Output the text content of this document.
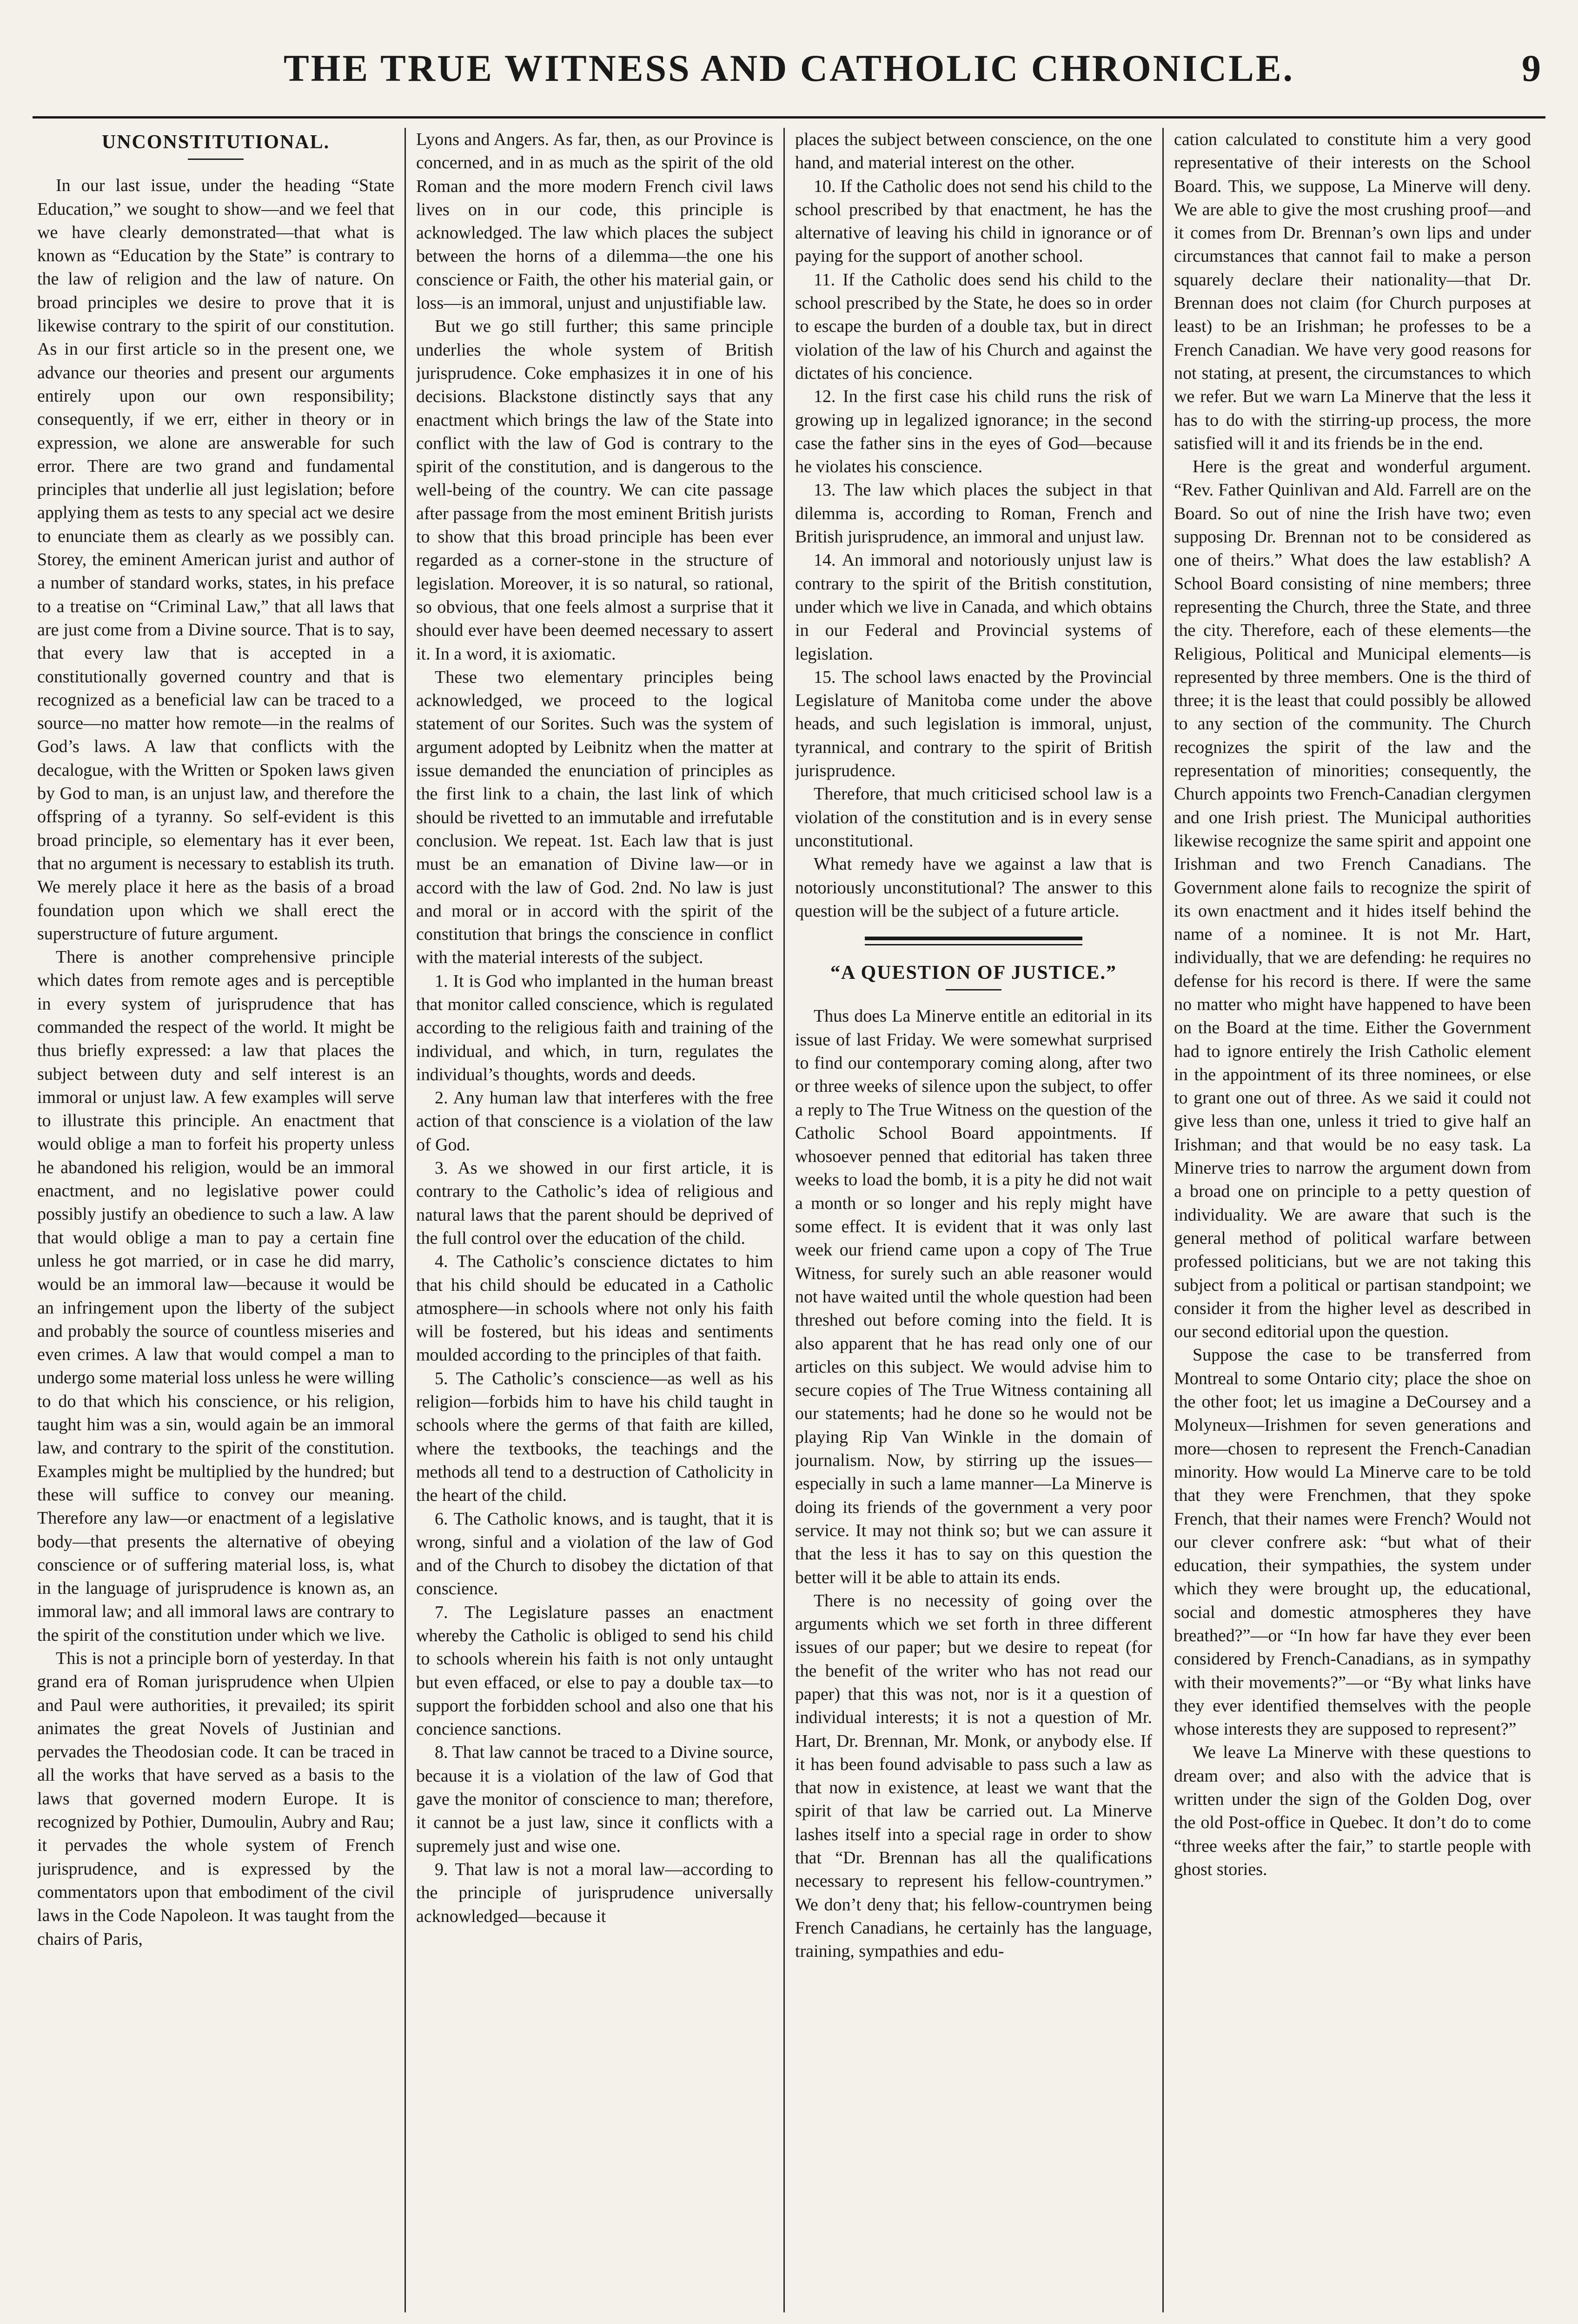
THE TRUE WITNESS AND CATHOLIC CHRONICLE.	9
UNCONSTITUTIONAL.

In our last issue, under the heading “State Education,” we sought to show—and we feel that we have clearly demonstrated—that what is known as “Education by the State” is contrary to the law of religion and the law of nature. On broad principles we desire to prove that it is likewise contrary to the spirit of our constitution. As in our first article so in the present one, we advance our theories and present our arguments entirely upon our own responsibility; consequently, if we err, either in theory or in expression, we alone are answerable for such error. There are two grand and fundamental principles that underlie all just legislation; before applying them as tests to any special act we desire to enunciate them as clearly as we possibly can. Storey, the eminent American jurist and author of a number of standard works, states, in his preface to a treatise on “Criminal Law,” that all laws that are just come from a Divine source. That is to say, that every law that is accepted in a constitutionally governed country and that is recognized as a beneficial law can be traced to a source—no matter how remote—in the realms of God’s laws. A law that conflicts with the decalogue, with the Written or Spoken laws given by God to man, is an unjust law, and therefore the offspring of a tyranny. So self-evident is this broad principle, so elementary has it ever been, that no argument is necessary to establish its truth. We merely place it here as the basis of a broad foundation upon which we shall erect the superstructure of future argument.

There is another comprehensive principle which dates from remote ages and is perceptible in every system of jurisprudence that has commanded the respect of the world. It might be thus briefly expressed: a law that places the subject between duty and self interest is an immoral or unjust law. A few examples will serve to illustrate this principle. An enactment that would oblige a man to forfeit his property unless he abandoned his religion, would be an immoral enactment, and no legislative power could possibly justify an obedience to such a law. A law that would oblige a man to pay a certain fine unless he got married, or in case he did marry, would be an immoral law—because it would be an infringement upon the liberty of the subject and probably the source of countless miseries and even crimes. A law that would compel a man to undergo some material loss unless he were willing to do that which his conscience, or his religion, taught him was a sin, would again be an immoral law, and contrary to the spirit of the constitution. Examples might be multiplied by the hundred; but these will suffice to convey our meaning. Therefore any law—or enactment of a legislative body—that presents the alternative of obeying conscience or of suffering material loss, is, what in the language of jurisprudence is known as, an immoral law; and all immoral laws are contrary to the spirit of the constitution under which we live.

This is not a principle born of yesterday. In that grand era of Roman jurisprudence when Ulpien and Paul were authorities, it prevailed; its spirit animates the great Novels of Justinian and pervades the Theodosian code. It can be traced in all the works that have served as a basis to the laws that governed modern Europe. It is recognized by Pothier, Dumoulin, Aubry and Rau; it pervades the whole system of French jurisprudence, and is expressed by the commentators upon that embodiment of the civil laws in the Code Napoleon. It was taught from the chairs of Paris,

Lyons and Angers. As far, then, as our Province is concerned, and in as much as the spirit of the old Roman and the more modern French civil laws lives on in our code, this principle is acknowledged. The law which places the subject between the horns of a dilemma—the one his conscience or Faith, the other his material gain, or loss—is an immoral, unjust and unjustifiable law.

But we go still further; this same principle underlies the whole system of British jurisprudence. Coke emphasizes it in one of his decisions. Blackstone distinctly says that any enactment which brings the law of the State into conflict with the law of God is contrary to the spirit of the constitution, and is dangerous to the well-being of the country. We can cite passage after passage from the most eminent British jurists to show that this broad principle has been ever regarded as a corner-stone in the structure of legislation. Moreover, it is so natural, so rational, so obvious, that one feels almost a surprise that it should ever have been deemed necessary to assert it. In a word, it is axiomatic.

These two elementary principles being acknowledged, we proceed to the logical statement of our Sorites. Such was the system of argument adopted by Leibnitz when the matter at issue demanded the enunciation of principles as the first link to a chain, the last link of which should be rivetted to an immutable and irrefutable conclusion. We repeat. 1st. Each law that is just must be an emanation of Divine law—or in accord with the law of God. 2nd. No law is just and moral or in accord with the spirit of the constitution that brings the conscience in conflict with the material interests of the subject.

1. It is God who implanted in the human breast that monitor called conscience, which is regulated according to the religious faith and training of the individual, and which, in turn, regulates the individual’s thoughts, words and deeds.

2. Any human law that interferes with the free action of that conscience is a violation of the law of God.

3. As we showed in our first article, it is contrary to the Catholic’s idea of religious and natural laws that the parent should be deprived of the full control over the education of the child.

4. The Catholic’s conscience dictates to him that his child should be educated in a Catholic atmosphere—in schools where not only his faith will be fostered, but his ideas and sentiments moulded according to the principles of that faith.

5. The Catholic’s conscience—as well as his religion—forbids him to have his child taught in schools where the germs of that faith are killed, where the textbooks, the teachings and the methods all tend to a destruction of Catholicity in the heart of the child.

6. The Catholic knows, and is taught, that it is wrong, sinful and a violation of the law of God and of the Church to disobey the dictation of that conscience.

7. The Legislature passes an enactment whereby the Catholic is obliged to send his child to schools wherein his faith is not only untaught but even effaced, or else to pay a double tax—to support the forbidden school and also one that his concience sanctions.

8. That law cannot be traced to a Divine source, because it is a violation of the law of God that gave the monitor of conscience to man; therefore, it cannot be a just law, since it conflicts with a supremely just and wise one.

9. That law is not a moral law—according to the principle of jurisprudence universally acknowledged—because it

places the subject between conscience, on the one hand, and material interest on the other.

10. If the Catholic does not send his child to the school prescribed by that enactment, he has the alternative of leaving his child in ignorance or of paying for the support of another school.

11. If the Catholic does send his child to the school prescribed by the State, he does so in order to escape the burden of a double tax, but in direct violation of the law of his Church and against the dictates of his concience.

12. In the first case his child runs the risk of growing up in legalized ignorance; in the second case the father sins in the eyes of God—because he violates his conscience.

13. The law which places the subject in that dilemma is, according to Roman, French and British jurisprudence, an immoral and unjust law.

14. An immoral and notoriously unjust law is contrary to the spirit of the British constitution, under which we live in Canada, and which obtains in our Federal and Provincial systems of legislation.

15. The school laws enacted by the Provincial Legislature of Manitoba come under the above heads, and such legislation is immoral, unjust, tyrannical, and contrary to the spirit of British jurisprudence.

Therefore, that much criticised school law is a violation of the constitution and is in every sense unconstitutional.

What remedy have we against a law that is notoriously unconstitutional? The answer to this question will be the subject of a future article.

“A QUESTION OF JUSTICE.”

Thus does La Minerve entitle an editorial in its issue of last Friday. We were somewhat surprised to find our contemporary coming along, after two or three weeks of silence upon the subject, to offer a reply to The True Witness on the question of the Catholic School Board appointments. If whosoever penned that editorial has taken three weeks to load the bomb, it is a pity he did not wait a month or so longer and his reply might have some effect. It is evident that it was only last week our friend came upon a copy of The True Witness, for surely such an able reasoner would not have waited until the whole question had been threshed out before coming into the field. It is also apparent that he has read only one of our articles on this subject. We would advise him to secure copies of The True Witness containing all our statements; had he done so he would not be playing Rip Van Winkle in the domain of journalism. Now, by stirring up the issues—especially in such a lame manner—La Minerve is doing its friends of the government a very poor service. It may not think so; but we can assure it that the less it has to say on this question the better will it be able to attain its ends.

There is no necessity of going over the arguments which we set forth in three different issues of our paper; but we desire to repeat (for the benefit of the writer who has not read our paper) that this was not, nor is it a question of individual interests; it is not a question of Mr. Hart, Dr. Brennan, Mr. Monk, or anybody else. If it has been found advisable to pass such a law as that now in existence, at least we want that the spirit of that law be carried out. La Minerve lashes itself into a special rage in order to show that “Dr. Brennan has all the qualifications necessary to represent his fellow-countrymen.” We don’t deny that; his fellow-countrymen being French Canadians, he certainly has the language, training, sympathies and edu-

cation calculated to constitute him a very good representative of their interests on the School Board. This, we suppose, La Minerve will deny. We are able to give the most crushing proof—and it comes from Dr. Brennan’s own lips and under circumstances that cannot fail to make a person squarely declare their nationality—that Dr. Brennan does not claim (for Church purposes at least) to be an Irishman; he professes to be a French Canadian. We have very good reasons for not stating, at present, the circumstances to which we refer. But we warn La Minerve that the less it has to do with the stirring-up process, the more satisfied will it and its friends be in the end.

Here is the great and wonderful argument. “Rev. Father Quinlivan and Ald. Farrell are on the Board. So out of nine the Irish have two; even supposing Dr. Brennan not to be considered as one of theirs.” What does the law establish? A School Board consisting of nine members; three representing the Church, three the State, and three the city. Therefore, each of these elements—the Religious, Political and Municipal elements—is represented by three members. One is the third of three; it is the least that could possibly be allowed to any section of the community. The Church recognizes the spirit of the law and the representation of minorities; consequently, the Church appoints two French-Canadian clergymen and one Irish priest. The Municipal authorities likewise recognize the same spirit and appoint one Irishman and two French Canadians. The Government alone fails to recognize the spirit of its own enactment and it hides itself behind the name of a nominee. It is not Mr. Hart, individually, that we are defending: he requires no defense for his record is there. If were the same no matter who might have happened to have been on the Board at the time. Either the Government had to ignore entirely the Irish Catholic element in the appointment of its three nominees, or else to grant one out of three. As we said it could not give less than one, unless it tried to give half an Irishman; and that would be no easy task. La Minerve tries to narrow the argument down from a broad one on principle to a petty question of individuality. We are aware that such is the general method of political warfare between professed politicians, but we are not taking this subject from a political or partisan standpoint; we consider it from the higher level as described in our second editorial upon the question.

Suppose the case to be transferred from Montreal to some Ontario city; place the shoe on the other foot; let us imagine a DeCoursey and a Molyneux—Irishmen for seven generations and more—chosen to represent the French-Canadian minority. How would La Minerve care to be told that they were Frenchmen, that they spoke French, that their names were French? Would not our clever confrere ask: “but what of their education, their sympathies, the system under which they were brought up, the educational, social and domestic atmospheres they have breathed?”—or “In how far have they ever been considered by French-Canadians, as in sympathy with their movements?”—or “By what links have they ever identified themselves with the people whose interests they are supposed to represent?”

We leave La Minerve with these questions to dream over; and also with the advice that is written under the sign of the Golden Dog, over the old Post-office in Quebec. It don’t do to come “three weeks after the fair,” to startle people with ghost stories.
